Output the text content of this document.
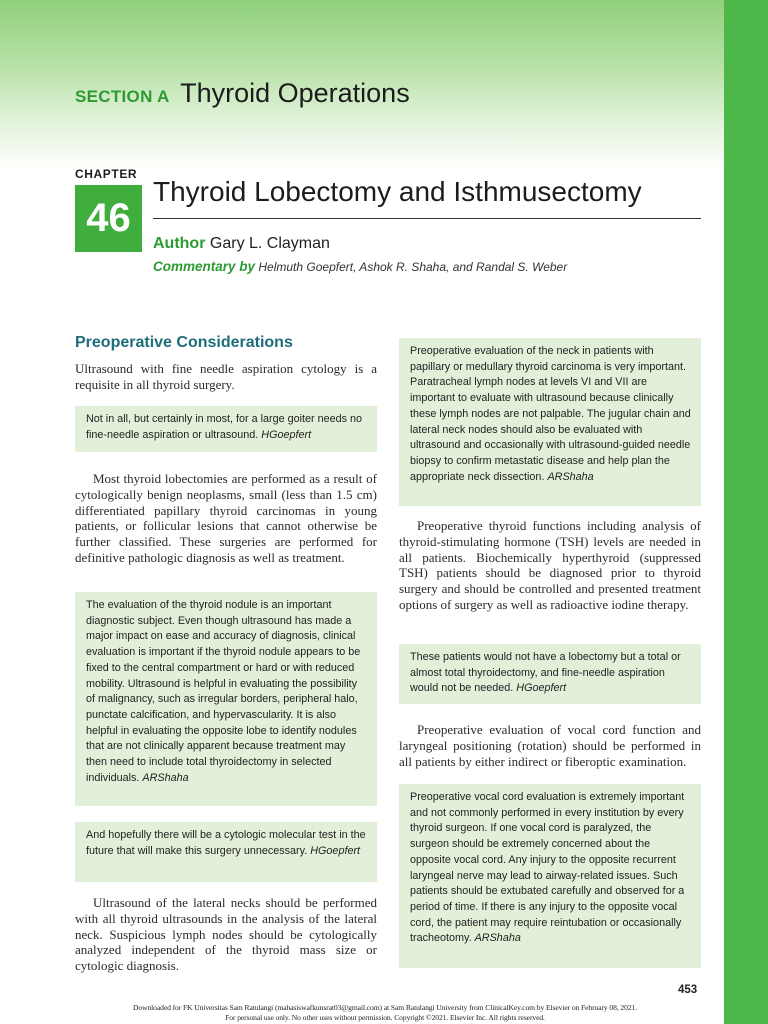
SECTION A Thyroid Operations
CHAPTER
46
Thyroid Lobectomy and Isthmusectomy
Author Gary L. Clayman
Commentary by Helmuth Goepfert, Ashok R. Shaha, and Randal S. Weber
Preoperative Considerations

Ultrasound with fine needle aspiration cytology is a requisite in all thyroid surgery.

Not in all, but certainly in most, for a large goiter needs no fine-needle aspiration or ultrasound. HGoepfert

Most thyroid lobectomies are performed as a result of cytologically benign neoplasms, small (less than 1.5 cm) differentiated papillary thyroid carcinomas in young patients, or follicular lesions that cannot otherwise be further classified. These surgeries are performed for definitive pathologic diagnosis as well as treatment.

The evaluation of the thyroid nodule is an important diagnostic subject. Even though ultrasound has made a major impact on ease and accuracy of diagnosis, clinical evaluation is important if the thyroid nodule appears to be fixed to the central compartment or hard or with reduced mobility. Ultrasound is helpful in evaluating the possibility of malignancy, such as irregular borders, peripheral halo, punctate calcification, and hypervascularity. It is also helpful in evaluating the opposite lobe to identify nodules that are not clinically apparent because treatment may then need to include total thyroidectomy in selected individuals. ARShaha
And hopefully there will be a cytologic molecular test in the future that will make this surgery unnecessary. HGoepfert

Ultrasound of the lateral necks should be performed with all thyroid ultrasounds in the analysis of the lateral neck. Suspicious lymph nodes should be cytologically analyzed independent of the thyroid mass size or cytologic diagnosis.

Preoperative evaluation of the neck in patients with papillary or medullary thyroid carcinoma is very important. Paratracheal lymph nodes at levels VI and VII are important to evaluate with ultrasound because clinically these lymph nodes are not palpable. The jugular chain and lateral neck nodes should also be evaluated with ultrasound and occasionally with ultrasound-guided needle biopsy to confirm metastatic disease and help plan the appropriate neck dissection. ARShaha

Preoperative thyroid functions including analysis of thyroid-stimulating hormone (TSH) levels are needed in all patients. Biochemically hyperthyroid (suppressed TSH) patients should be diagnosed prior to thyroid surgery and should be controlled and presented treatment options of surgery as well as radioactive iodine therapy.

These patients would not have a lobectomy but a total or almost total thyroidectomy, and fine-needle aspiration would not be needed. HGoepfert

Preoperative evaluation of vocal cord function and laryngeal positioning (rotation) should be performed in all patients by either indirect or fiberoptic examination.

Preoperative vocal cord evaluation is extremely important and not commonly performed in every institution by every thyroid surgeon. If one vocal cord is paralyzed, the surgeon should be extremely concerned about the opposite vocal cord. Any injury to the opposite recurrent laryngeal nerve may lead to airway-related issues. Such patients should be extubated carefully and observed for a period of time. If there is any injury to the opposite vocal cord, the patient may require reintubation or occasionally tracheotomy. ARShaha
453
Downloaded for FK Universitas Sam Ratulangi (mahasiswafkunsrat03@gmail.com) at Sam Ratulangi University from ClinicalKey.com by Elsevier on February 08, 2021.
For personal use only. No other uses without permission. Copyright ©2021. Elsevier Inc. All rights reserved.
